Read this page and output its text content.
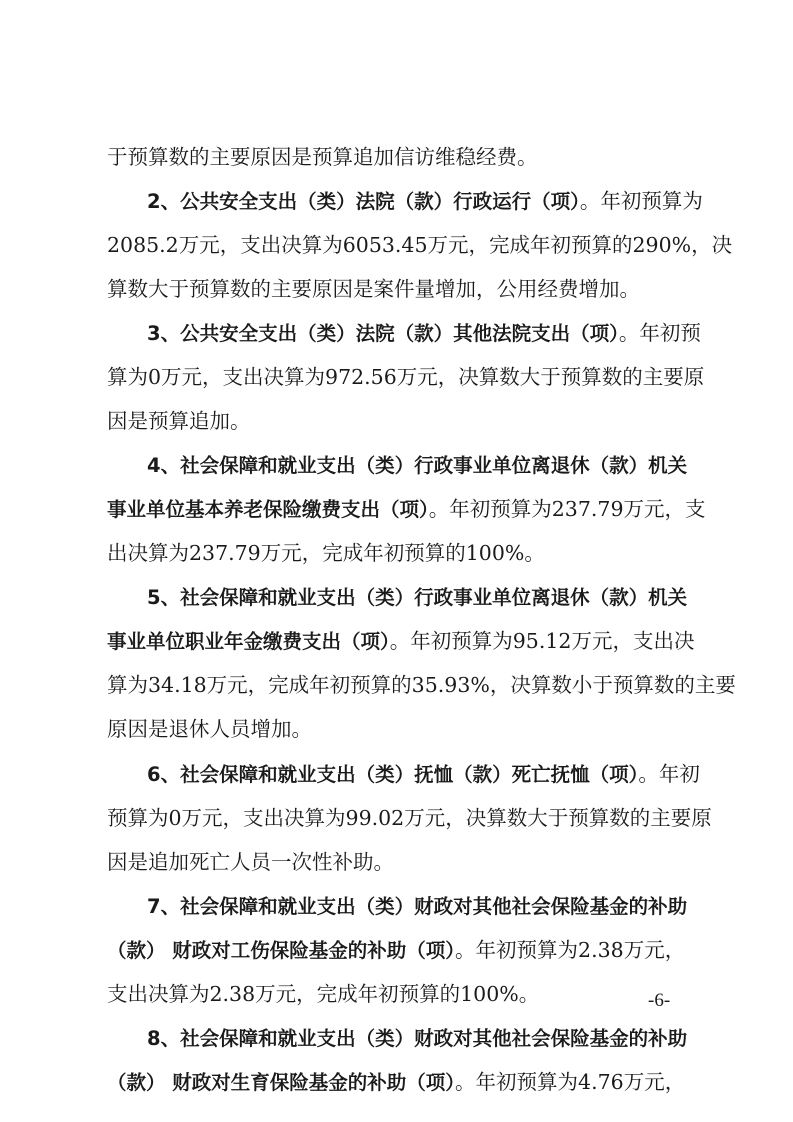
于预算数的主要原因是预算追加信访维稳经费。
2、公共安全支出（类）法院（款）行政运行（项）。年初预算为
2085.2万元，支出决算为6053.45万元，完成年初预算的290%，决
算数大于预算数的主要原因是案件量增加，公用经费增加。
3、公共安全支出（类）法院（款）其他法院支出（项）。年初预
算为0万元，支出决算为972.56万元，决算数大于预算数的主要原
因是预算追加。
4、社会保障和就业支出（类）行政事业单位离退休（款）机关
事业单位基本养老保险缴费支出（项）。年初预算为237.79万元，支
出决算为237.79万元，完成年初预算的100%。
5、社会保障和就业支出（类）行政事业单位离退休（款）机关
事业单位职业年金缴费支出（项）。年初预算为95.12万元，支出决
算为34.18万元，完成年初预算的35.93%，决算数小于预算数的主要
原因是退休人员增加。
6、社会保障和就业支出（类）抚恤（款）死亡抚恤（项）。年初
预算为0万元，支出决算为99.02万元，决算数大于预算数的主要原
因是追加死亡人员一次性补助。
7、社会保障和就业支出（类）财政对其他社会保险基金的补助
（款） 财政对工伤保险基金的补助（项）。年初预算为2.38万元，
支出决算为2.38万元，完成年初预算的100%。
8、社会保障和就业支出（类）财政对其他社会保险基金的补助
（款） 财政对生育保险基金的补助（项）。年初预算为4.76万元，
-6-
